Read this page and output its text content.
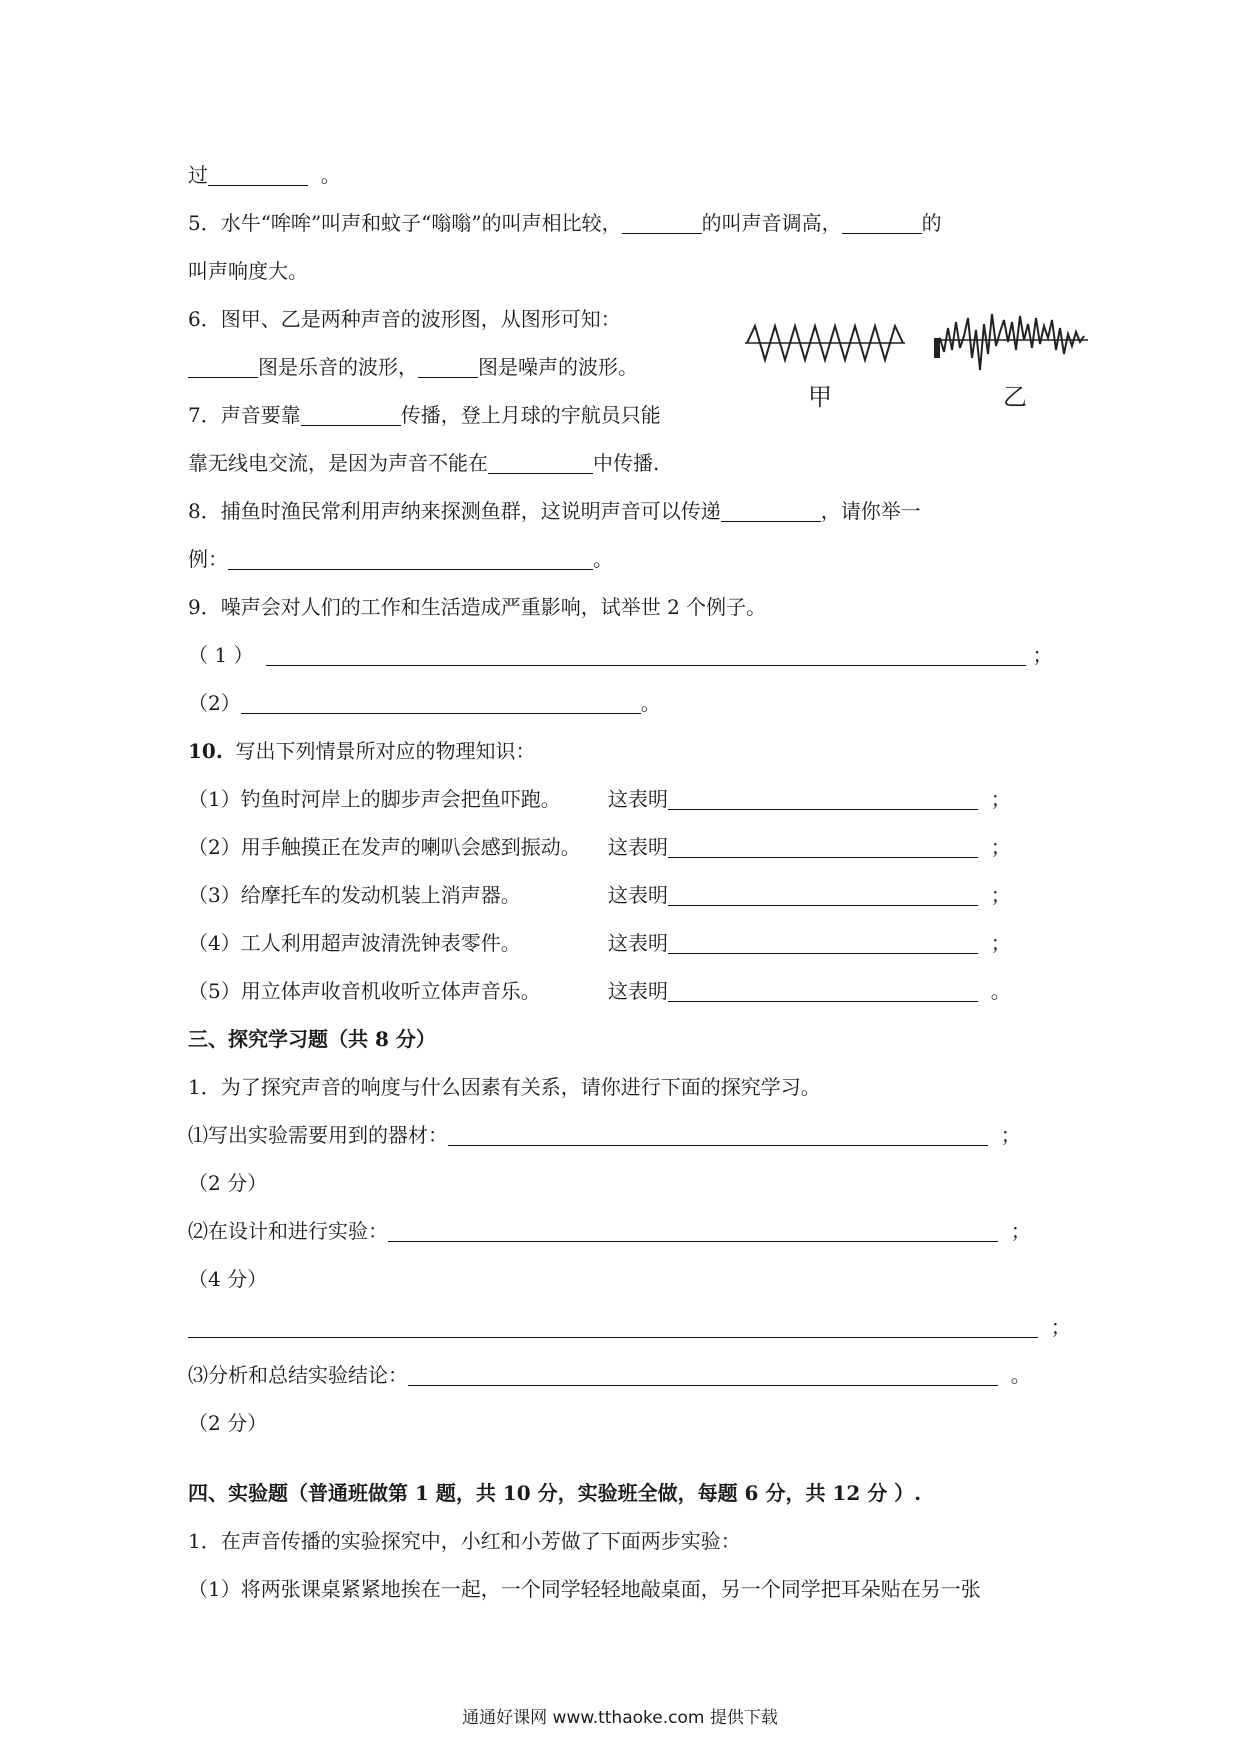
过	。
5．水牛“哞哞”叫声和蚊子“嗡嗡”的叫声相比较，	的叫声音调高，	的
叫声响度大。
6．图甲、乙是两种声音的波形图，从图形可知：
图是乐音的波形，	图是噪声的波形。
甲	乙
7．声音要靠	传播，登上月球的宇航员只能
靠无线电交流，是因为声音不能在	中传播.
8．捕鱼时渔民常利用声纳来探测鱼群，这说明声音可以传递	，请你举一
例：	。
9．噪声会对人们的工作和生活造成严重影响，试举世 2 个例子。
（ 1 ）	；
（2）	。
10. 写出下列情景所对应的物理知识：
（1）钓鱼时河岸上的脚步声会把鱼吓跑。 这表明	；
（2）用手触摸正在发声的喇叭会感到振动。 这表明	；
（3）给摩托车的发动机装上消声器。	这表明	；
（4）工人利用超声波清洗钟表零件。	这表明	；
（5）用立体声收音机收听立体声音乐。	这表明	。
三、探究学习题（共 8 分）
1．为了探究声音的响度与什么因素有关系，请你进行下面的探究学习。
⑴写出实验需要用到的器材：	；
（2 分）
⑵在设计和进行实验：	；
（4 分）
；
⑶分析和总结实验结论：	。
（2 分）
四、实验题（普通班做第 1 题，共 10 分，实验班全做，每题 6 分，共 12 分 ）.
1．在声音传播的实验探究中，小红和小芳做了下面两步实验：
（1）将两张课桌紧紧地挨在一起，一个同学轻轻地敲桌面，另一个同学把耳朵贴在另一张
通通好课网 www.tthaoke.com 提供下载
